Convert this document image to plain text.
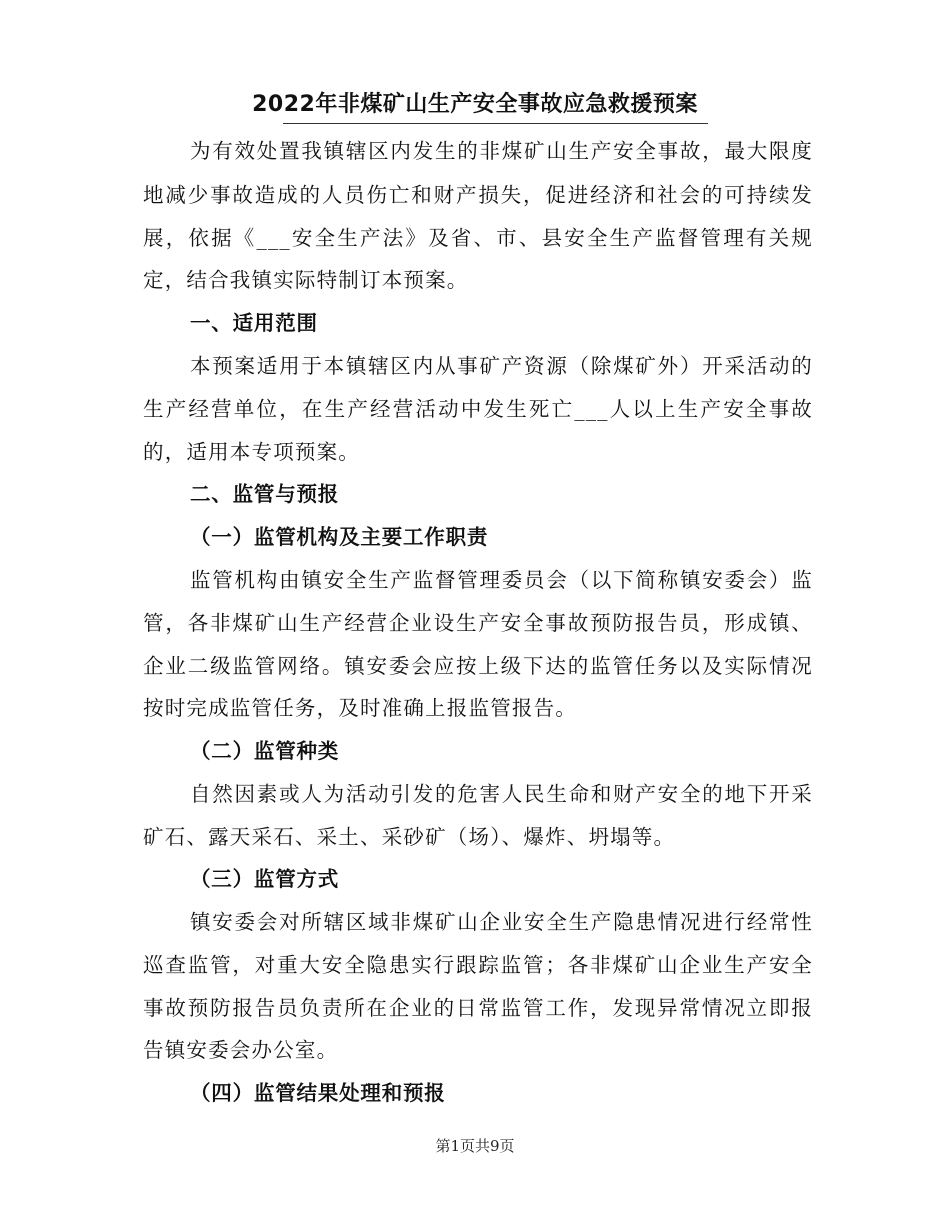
2022年非煤矿山生产安全事故应急救援预案
为有效处置我镇辖区内发生的非煤矿山生产安全事故，最大限度
地减少事故造成的人员伤亡和财产损失，促进经济和社会的可持续发
展，依据《___安全生产法》及省、市、县安全生产监督管理有关规
定，结合我镇实际特制订本预案。
一、适用范围
本预案适用于本镇辖区内从事矿产资源（除煤矿外）开采活动的
生产经营单位，在生产经营活动中发生死亡___人以上生产安全事故
的，适用本专项预案。
二、监管与预报
（一）监管机构及主要工作职责
监管机构由镇安全生产监督管理委员会（以下简称镇安委会）监
管，各非煤矿山生产经营企业设生产安全事故预防报告员，形成镇、
企业二级监管网络。镇安委会应按上级下达的监管任务以及实际情况
按时完成监管任务，及时准确上报监管报告。
（二）监管种类
自然因素或人为活动引发的危害人民生命和财产安全的地下开采
矿石、露天采石、采土、采砂矿（场）、爆炸、坍塌等。
（三）监管方式
镇安委会对所辖区域非煤矿山企业安全生产隐患情况进行经常性
巡查监管，对重大安全隐患实行跟踪监管；各非煤矿山企业生产安全
事故预防报告员负责所在企业的日常监管工作，发现异常情况立即报
告镇安委会办公室。
（四）监管结果处理和预报
第1页共9页
